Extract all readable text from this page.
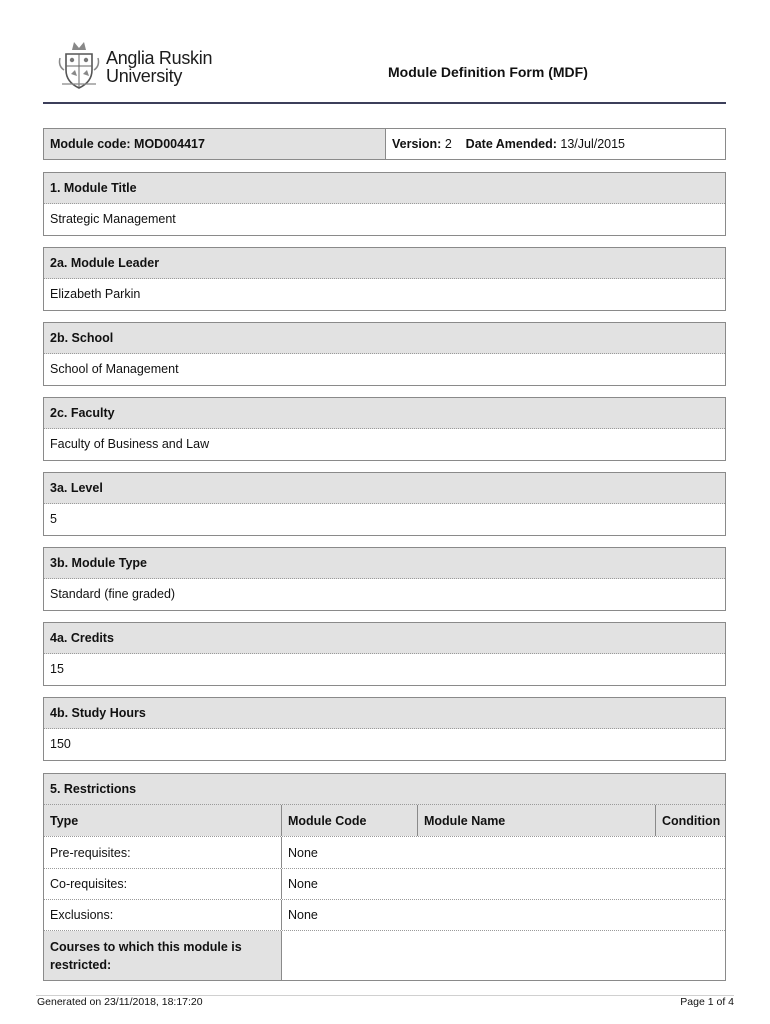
Anglia Ruskin
University	Module Definition Form (MDF)
Module code: MOD004417	Version: 2 Date Amended: 13/Jul/2015
1. Module Title
Strategic Management
2a. Module Leader
Elizabeth Parkin
2b. School
School of Management
2c. Faculty
Faculty of Business and Law
3a. Level
5
3b. Module Type
Standard (fine graded)
4a. Credits
15
4b. Study Hours
150
5. Restrictions
Type	Module Code	Module Name	Condition
Pre-requisites:	None
Co-requisites:	None
Exclusions:	None
Courses to which this module is restricted:
Generated on 23/11/2018, 18:17:20	Page 1 of 4
